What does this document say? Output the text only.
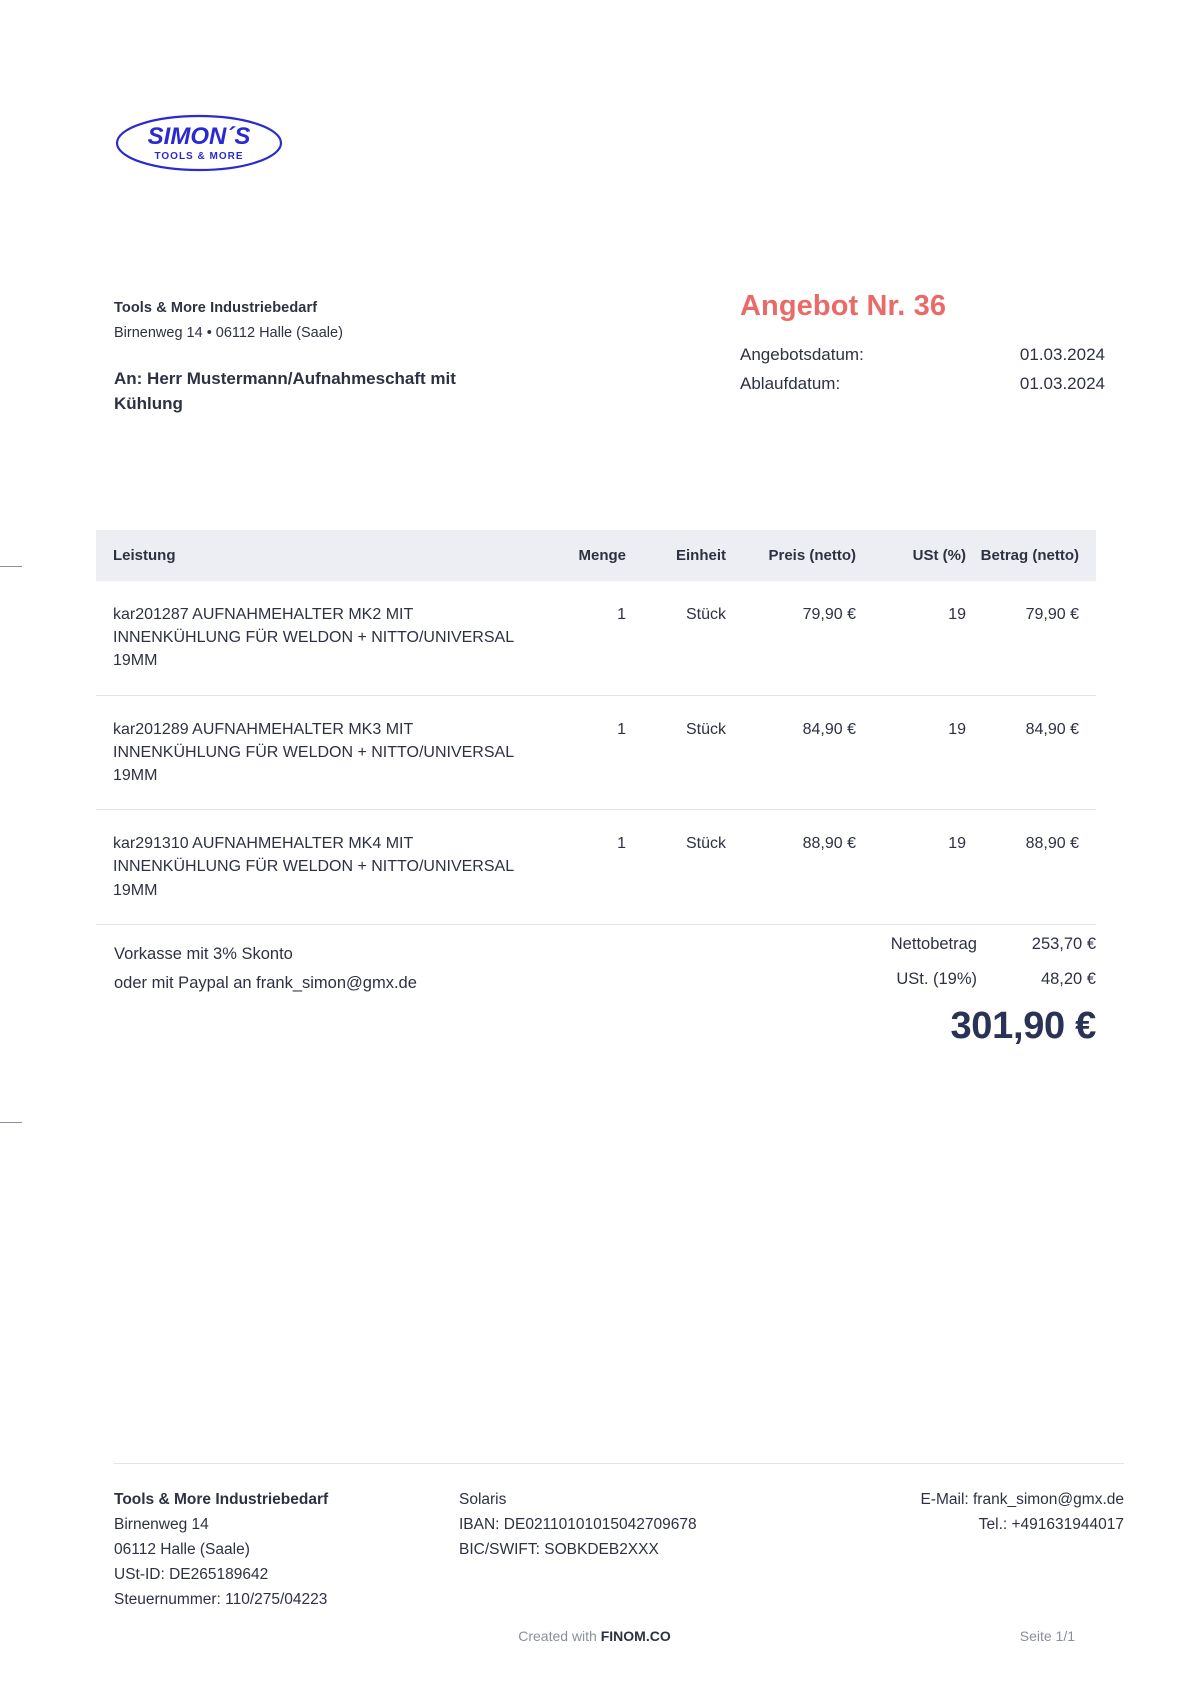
SIMON´S
TOOLS & MORE
Tools & More Industriebedarf
Birnenweg 14 • 06112 Halle (Saale)
An: Herr Mustermann/Aufnahmeschaft mit Kühlung
Angebot Nr. 36
Angebotsdatum:	01.03.2024
Ablaufdatum:	01.03.2024
Leistung	Menge	Einheit	Preis (netto)	USt (%)	Betrag (netto)
kar201287 AUFNAHMEHALTER MK2 MIT INNENKÜHLUNG FÜR WELDON + NITTO/UNIVERSAL 19MM	1	Stück	79,90 €	19	79,90 €
kar201289 AUFNAHMEHALTER MK3 MIT INNENKÜHLUNG FÜR WELDON + NITTO/UNIVERSAL 19MM	1	Stück	84,90 €	19	84,90 €
kar291310 AUFNAHMEHALTER MK4 MIT INNENKÜHLUNG FÜR WELDON + NITTO/UNIVERSAL 19MM	1	Stück	88,90 €	19	88,90 €
Vorkasse mit 3% Skonto
oder mit Paypal an frank_simon@gmx.de
Nettobetrag	253,70 €
USt. (19%)	48,20 €
301,90 €
Tools & More Industriebedarf
Birnenweg 14
06112 Halle (Saale)
USt-ID: DE265189642
Steuernummer: 110/275/04223
Solaris
IBAN: DE02110101015042709678
BIC/SWIFT: SOBKDEB2XXX
E-Mail: frank_simon@gmx.de
Tel.: +491631944017
Created with FINOM.CO	Seite 1/1
